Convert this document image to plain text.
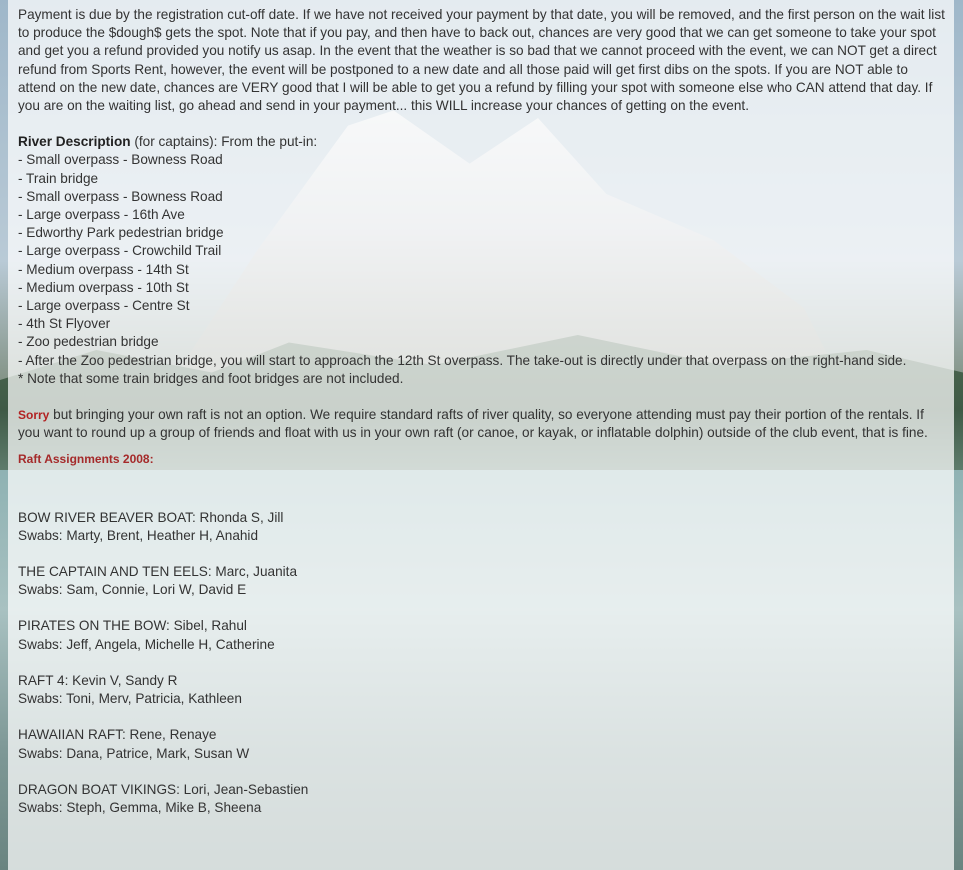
Payment is due by the registration cut-off date. If we have not received your payment by that date, you will be removed, and the first person on the wait list to produce the $dough$ gets the spot. Note that if you pay, and then have to back out, chances are very good that we can get someone to take your spot and get you a refund provided you notify us asap. In the event that the weather is so bad that we cannot proceed with the event, we can NOT get a direct refund from Sports Rent, however, the event will be postponed to a new date and all those paid will get first dibs on the spots. If you are NOT able to attend on the new date, chances are VERY good that I will be able to get you a refund by filling your spot with someone else who CAN attend that day. If you are on the waiting list, go ahead and send in your payment... this WILL increase your chances of getting on the event.

River Description (for captains): From the put-in:
- Small overpass - Bowness Road
- Train bridge
- Small overpass - Bowness Road
- Large overpass - 16th Ave
- Edworthy Park pedestrian bridge
- Large overpass - Crowchild Trail
- Medium overpass - 14th St
- Medium overpass - 10th St
- Large overpass - Centre St
- 4th St Flyover
- Zoo pedestrian bridge
- After the Zoo pedestrian bridge, you will start to approach the 12th St overpass. The take-out is directly under that overpass on the right-hand side.
* Note that some train bridges and foot bridges are not included.

Sorry but bringing your own raft is not an option. We require standard rafts of river quality, so everyone attending must pay their portion of the rentals. If you want to round up a group of friends and float with us in your own raft (or canoe, or kayak, or inflatable dolphin) outside of the club event, that is fine.

Raft Assignments 2008:
BOW RIVER BEAVER BOAT: Rhonda S, Jill
Swabs: Marty, Brent, Heather H, Anahid
THE CAPTAIN AND TEN EELS: Marc, Juanita
Swabs: Sam, Connie, Lori W, David E
PIRATES ON THE BOW: Sibel, Rahul
Swabs: Jeff, Angela, Michelle H, Catherine
RAFT 4: Kevin V, Sandy R
Swabs: Toni, Merv, Patricia, Kathleen
HAWAIIAN RAFT: Rene, Renaye
Swabs: Dana, Patrice, Mark, Susan W
DRAGON BOAT VIKINGS: Lori, Jean-Sebastien
Swabs: Steph, Gemma, Mike B, Sheena
